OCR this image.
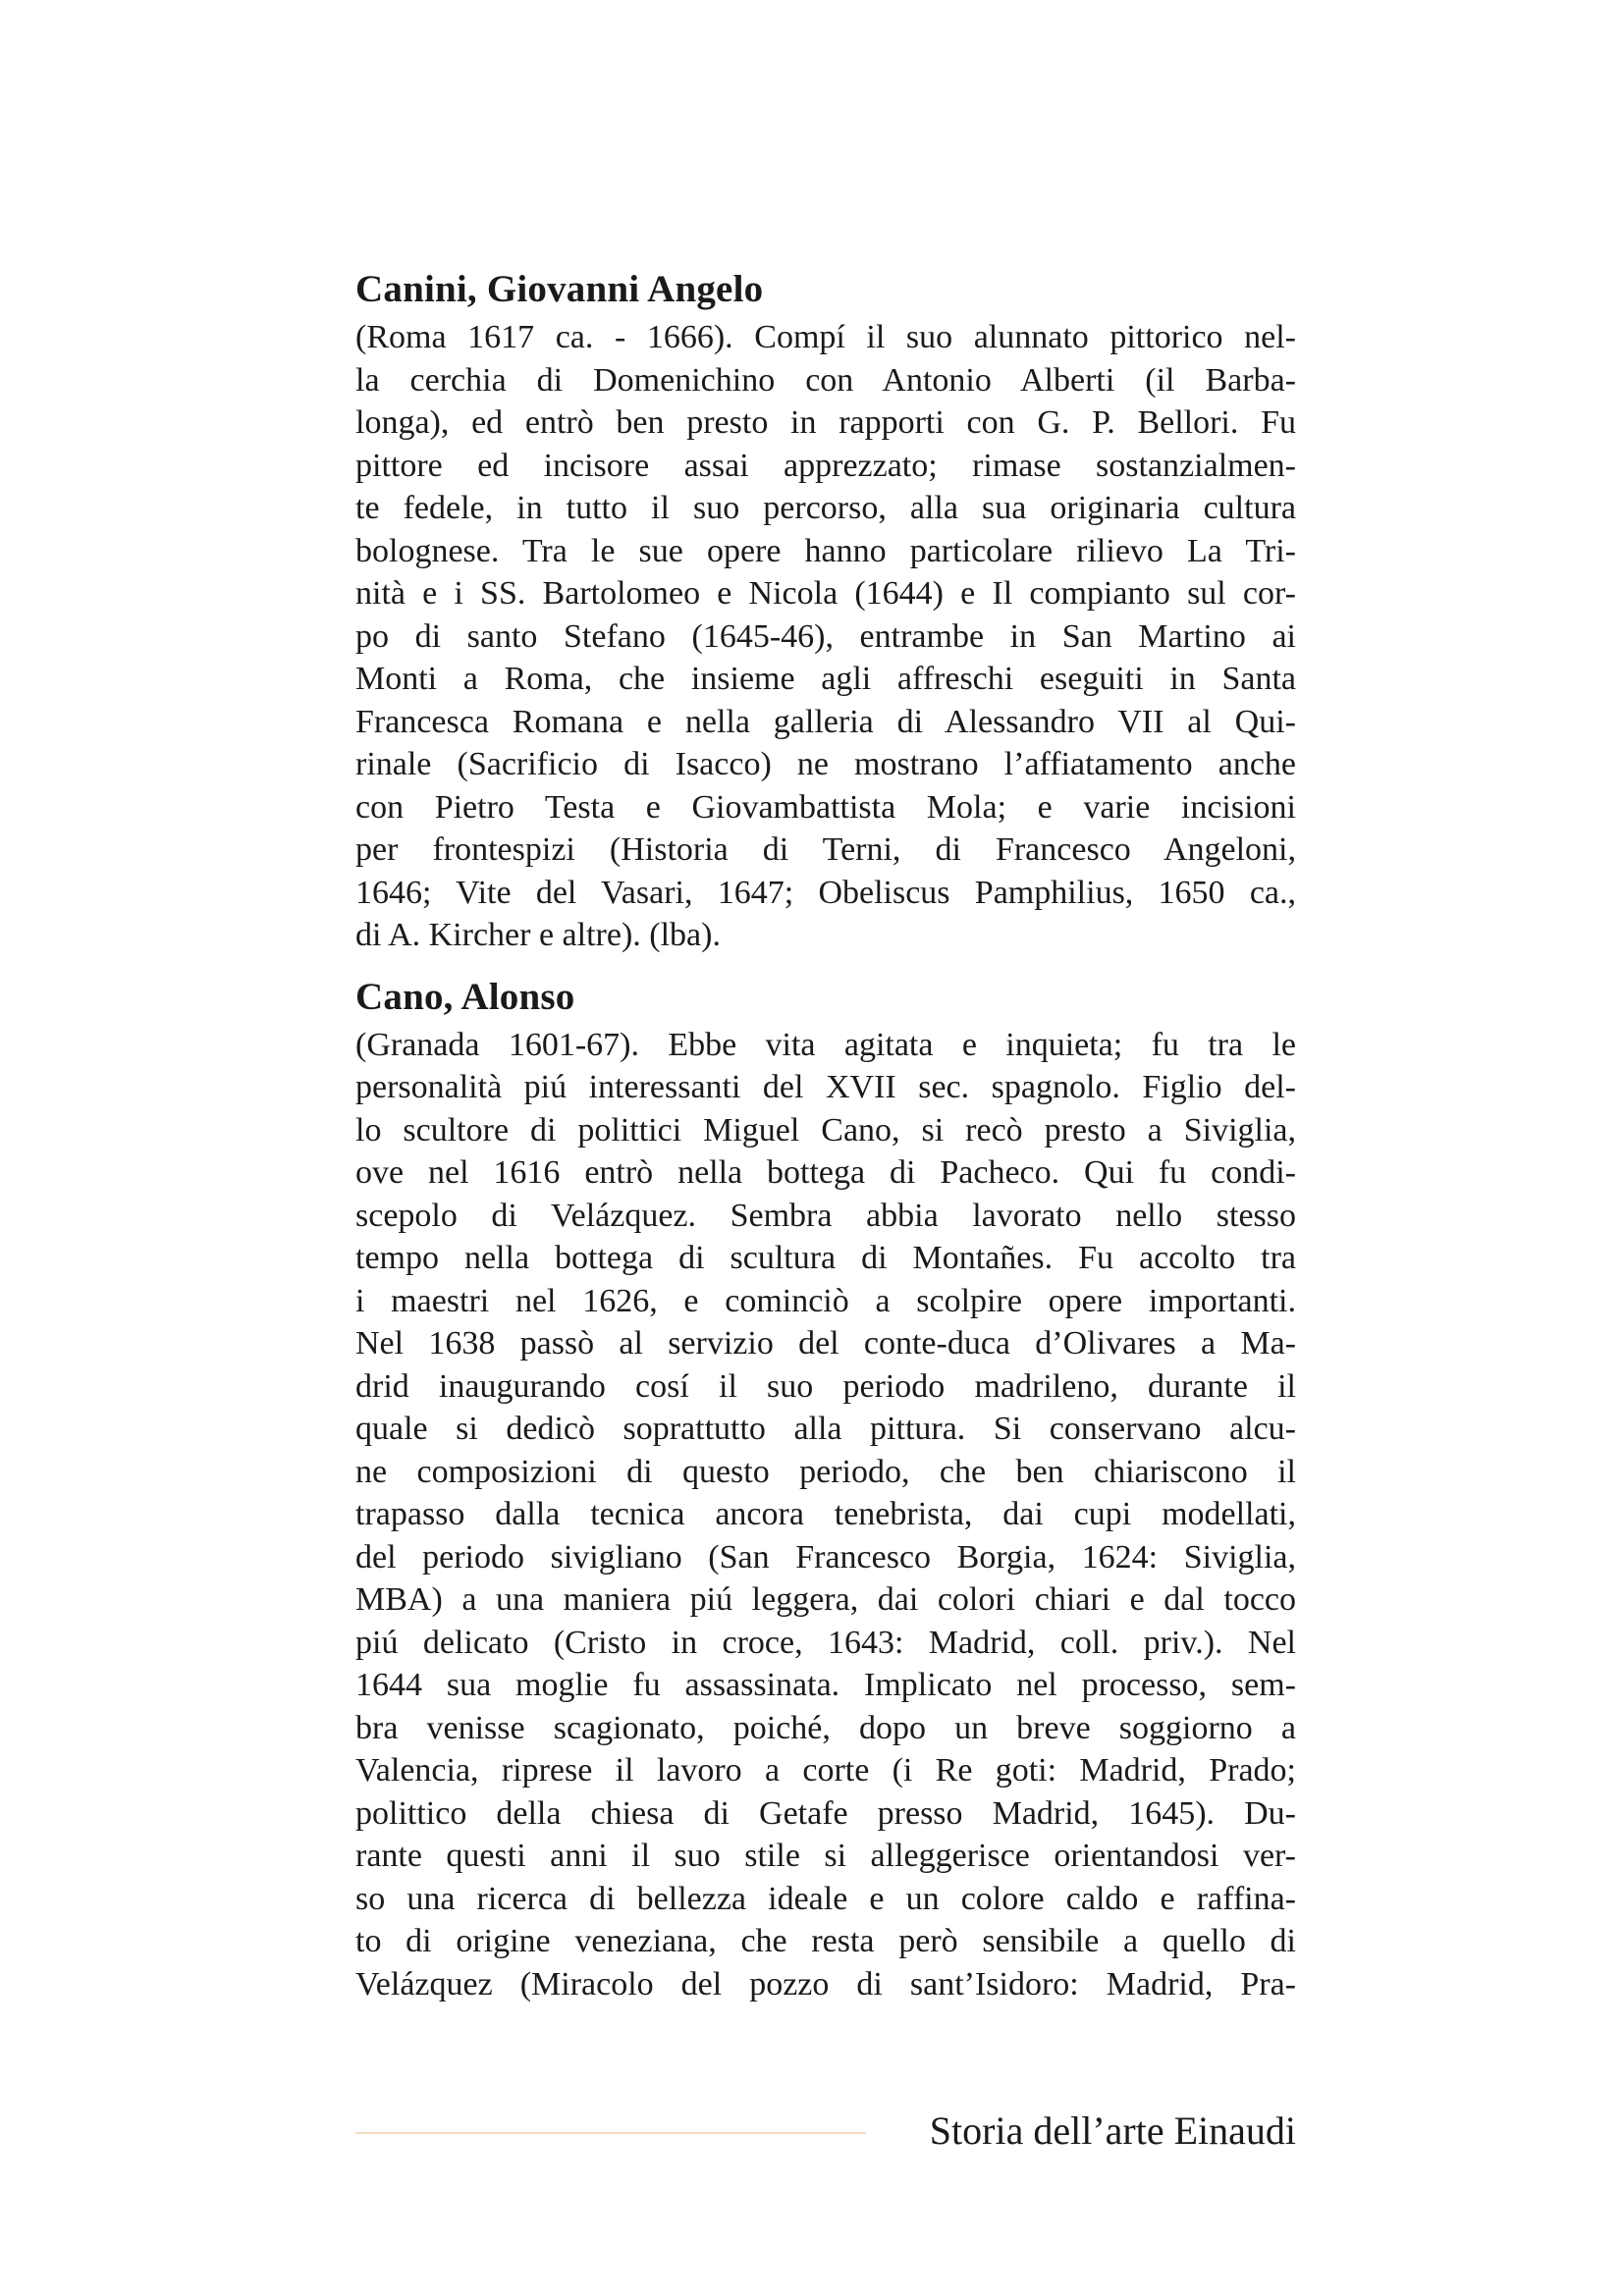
Canini, Giovanni Angelo
(Roma 1617 ca. - 1666). Compí il suo alunnato pittorico nel-
la cerchia di Domenichino con Antonio Alberti (il Barba-
longa), ed entrò ben presto in rapporti con G. P. Bellori. Fu
pittore ed incisore assai apprezzato; rimase sostanzialmen-
te fedele, in tutto il suo percorso, alla sua originaria cultura
bolognese. Tra le sue opere hanno particolare rilievo La Tri-
nità e i SS. Bartolomeo e Nicola (1644) e Il compianto sul cor-
po di santo Stefano (1645-46), entrambe in San Martino ai
Monti a Roma, che insieme agli affreschi eseguiti in Santa
Francesca Romana e nella galleria di Alessandro VII al Qui-
rinale (Sacrificio di Isacco) ne mostrano l’affiatamento anche
con Pietro Testa e Giovambattista Mola; e varie incisioni
per frontespizi (Historia di Terni, di Francesco Angeloni,
1646; Vite del Vasari, 1647; Obeliscus Pamphilius, 1650 ca.,
di A. Kircher e altre). (lba).
Cano, Alonso
(Granada 1601-67). Ebbe vita agitata e inquieta; fu tra le
personalità piú interessanti del XVII sec. spagnolo. Figlio del-
lo scultore di polittici Miguel Cano, si recò presto a Siviglia,
ove nel 1616 entrò nella bottega di Pacheco. Qui fu condi-
scepolo di Velázquez. Sembra abbia lavorato nello stesso
tempo nella bottega di scultura di Montañes. Fu accolto tra
i maestri nel 1626, e cominciò a scolpire opere importanti.
Nel 1638 passò al servizio del conte-duca d’Olivares a Ma-
drid inaugurando cosí il suo periodo madrileno, durante il
quale si dedicò soprattutto alla pittura. Si conservano alcu-
ne composizioni di questo periodo, che ben chiariscono il
trapasso dalla tecnica ancora tenebrista, dai cupi modellati,
del periodo sivigliano (San Francesco Borgia, 1624: Siviglia,
MBA) a una maniera piú leggera, dai colori chiari e dal tocco
piú delicato (Cristo in croce, 1643: Madrid, coll. priv.). Nel
1644 sua moglie fu assassinata. Implicato nel processo, sem-
bra venisse scagionato, poiché, dopo un breve soggiorno a
Valencia, riprese il lavoro a corte (i Re goti: Madrid, Prado;
polittico della chiesa di Getafe presso Madrid, 1645). Du-
rante questi anni il suo stile si alleggerisce orientandosi ver-
so una ricerca di bellezza ideale e un colore caldo e raffina-
to di origine veneziana, che resta però sensibile a quello di
Velázquez (Miracolo del pozzo di sant’Isidoro: Madrid, Pra-
Storia dell’arte Einaudi
